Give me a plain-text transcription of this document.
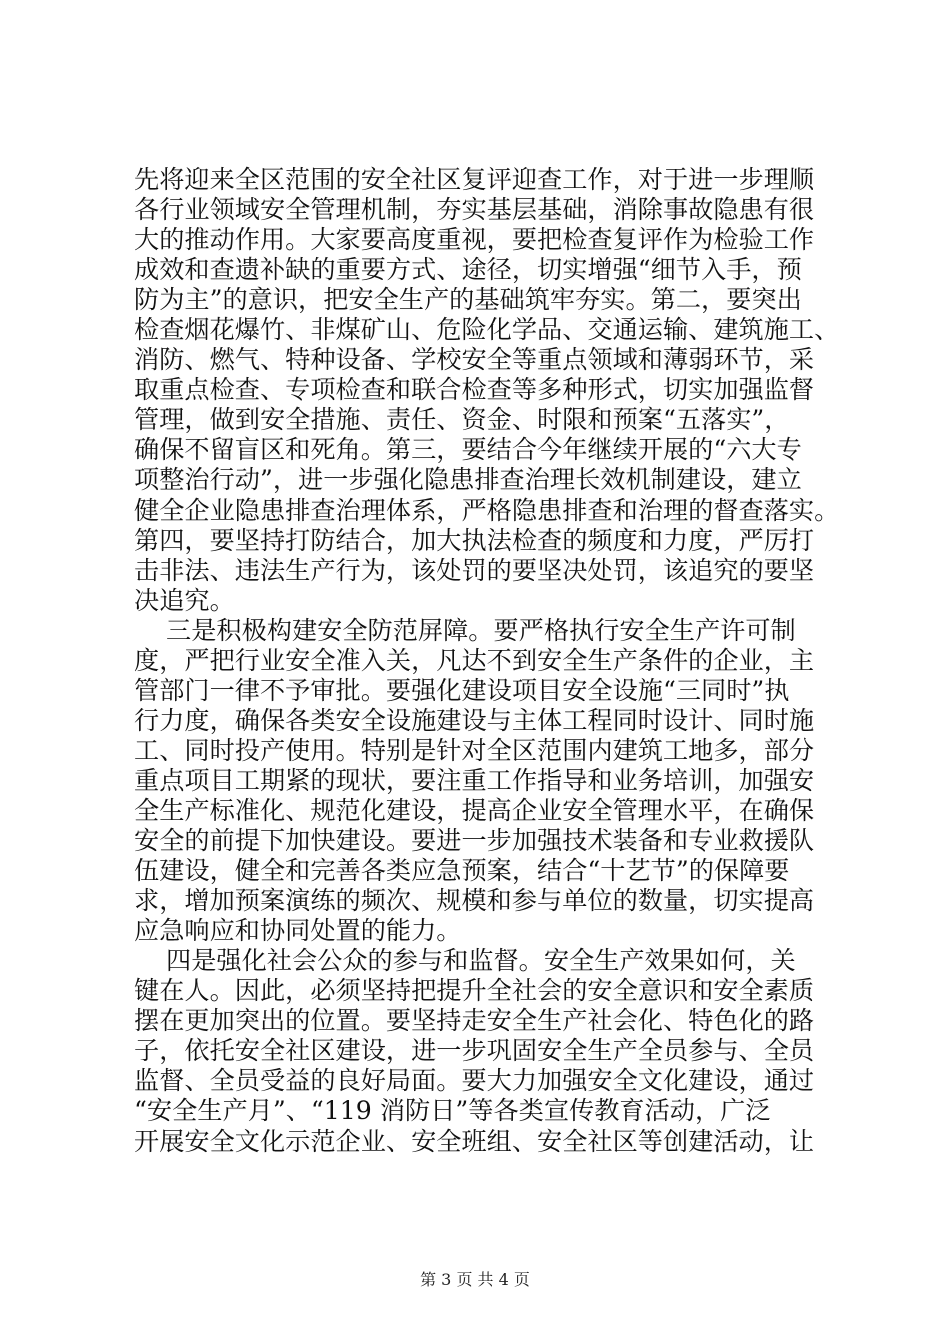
先将迎来全区范围的安全社区复评迎查工作，对于进一步理顺
各行业领域安全管理机制，夯实基层基础，消除事故隐患有很
大的推动作用。大家要高度重视，要把检查复评作为检验工作
成效和查遗补缺的重要方式、途径，切实增强“细节入手，预
防为主”的意识，把安全生产的基础筑牢夯实。第二，要突出
检查烟花爆竹、非煤矿山、危险化学品、交通运输、建筑施工、
消防、燃气、特种设备、学校安全等重点领域和薄弱环节，采
取重点检查、专项检查和联合检查等多种形式，切实加强监督
管理，做到安全措施、责任、资金、时限和预案“五落实”，
确保不留盲区和死角。第三，要结合今年继续开展的“六大专
项整治行动”，进一步强化隐患排查治理长效机制建设，建立
健全企业隐患排查治理体系，严格隐患排查和治理的督查落实。
第四，要坚持打防结合，加大执法检查的频度和力度，严厉打
击非法、违法生产行为，该处罚的要坚决处罚，该追究的要坚
决追究。
三是积极构建安全防范屏障。要严格执行安全生产许可制
度，严把行业安全准入关，凡达不到安全生产条件的企业，主
管部门一律不予审批。要强化建设项目安全设施“三同时”执
行力度，确保各类安全设施建设与主体工程同时设计、同时施
工、同时投产使用。特别是针对全区范围内建筑工地多，部分
重点项目工期紧的现状，要注重工作指导和业务培训，加强安
全生产标准化、规范化建设，提高企业安全管理水平，在确保
安全的前提下加快建设。要进一步加强技术装备和专业救援队
伍建设，健全和完善各类应急预案，结合“十艺节”的保障要
求，增加预案演练的频次、规模和参与单位的数量，切实提高
应急响应和协同处置的能力。
四是强化社会公众的参与和监督。安全生产效果如何，关
键在人。因此，必须坚持把提升全社会的安全意识和安全素质
摆在更加突出的位置。要坚持走安全生产社会化、特色化的路
子，依托安全社区建设，进一步巩固安全生产全员参与、全员
监督、全员受益的良好局面。要大力加强安全文化建设，通过
“安全生产月”、“119 消防日”等各类宣传教育活动，广泛
开展安全文化示范企业、安全班组、安全社区等创建活动，让
第 3 页 共 4 页
